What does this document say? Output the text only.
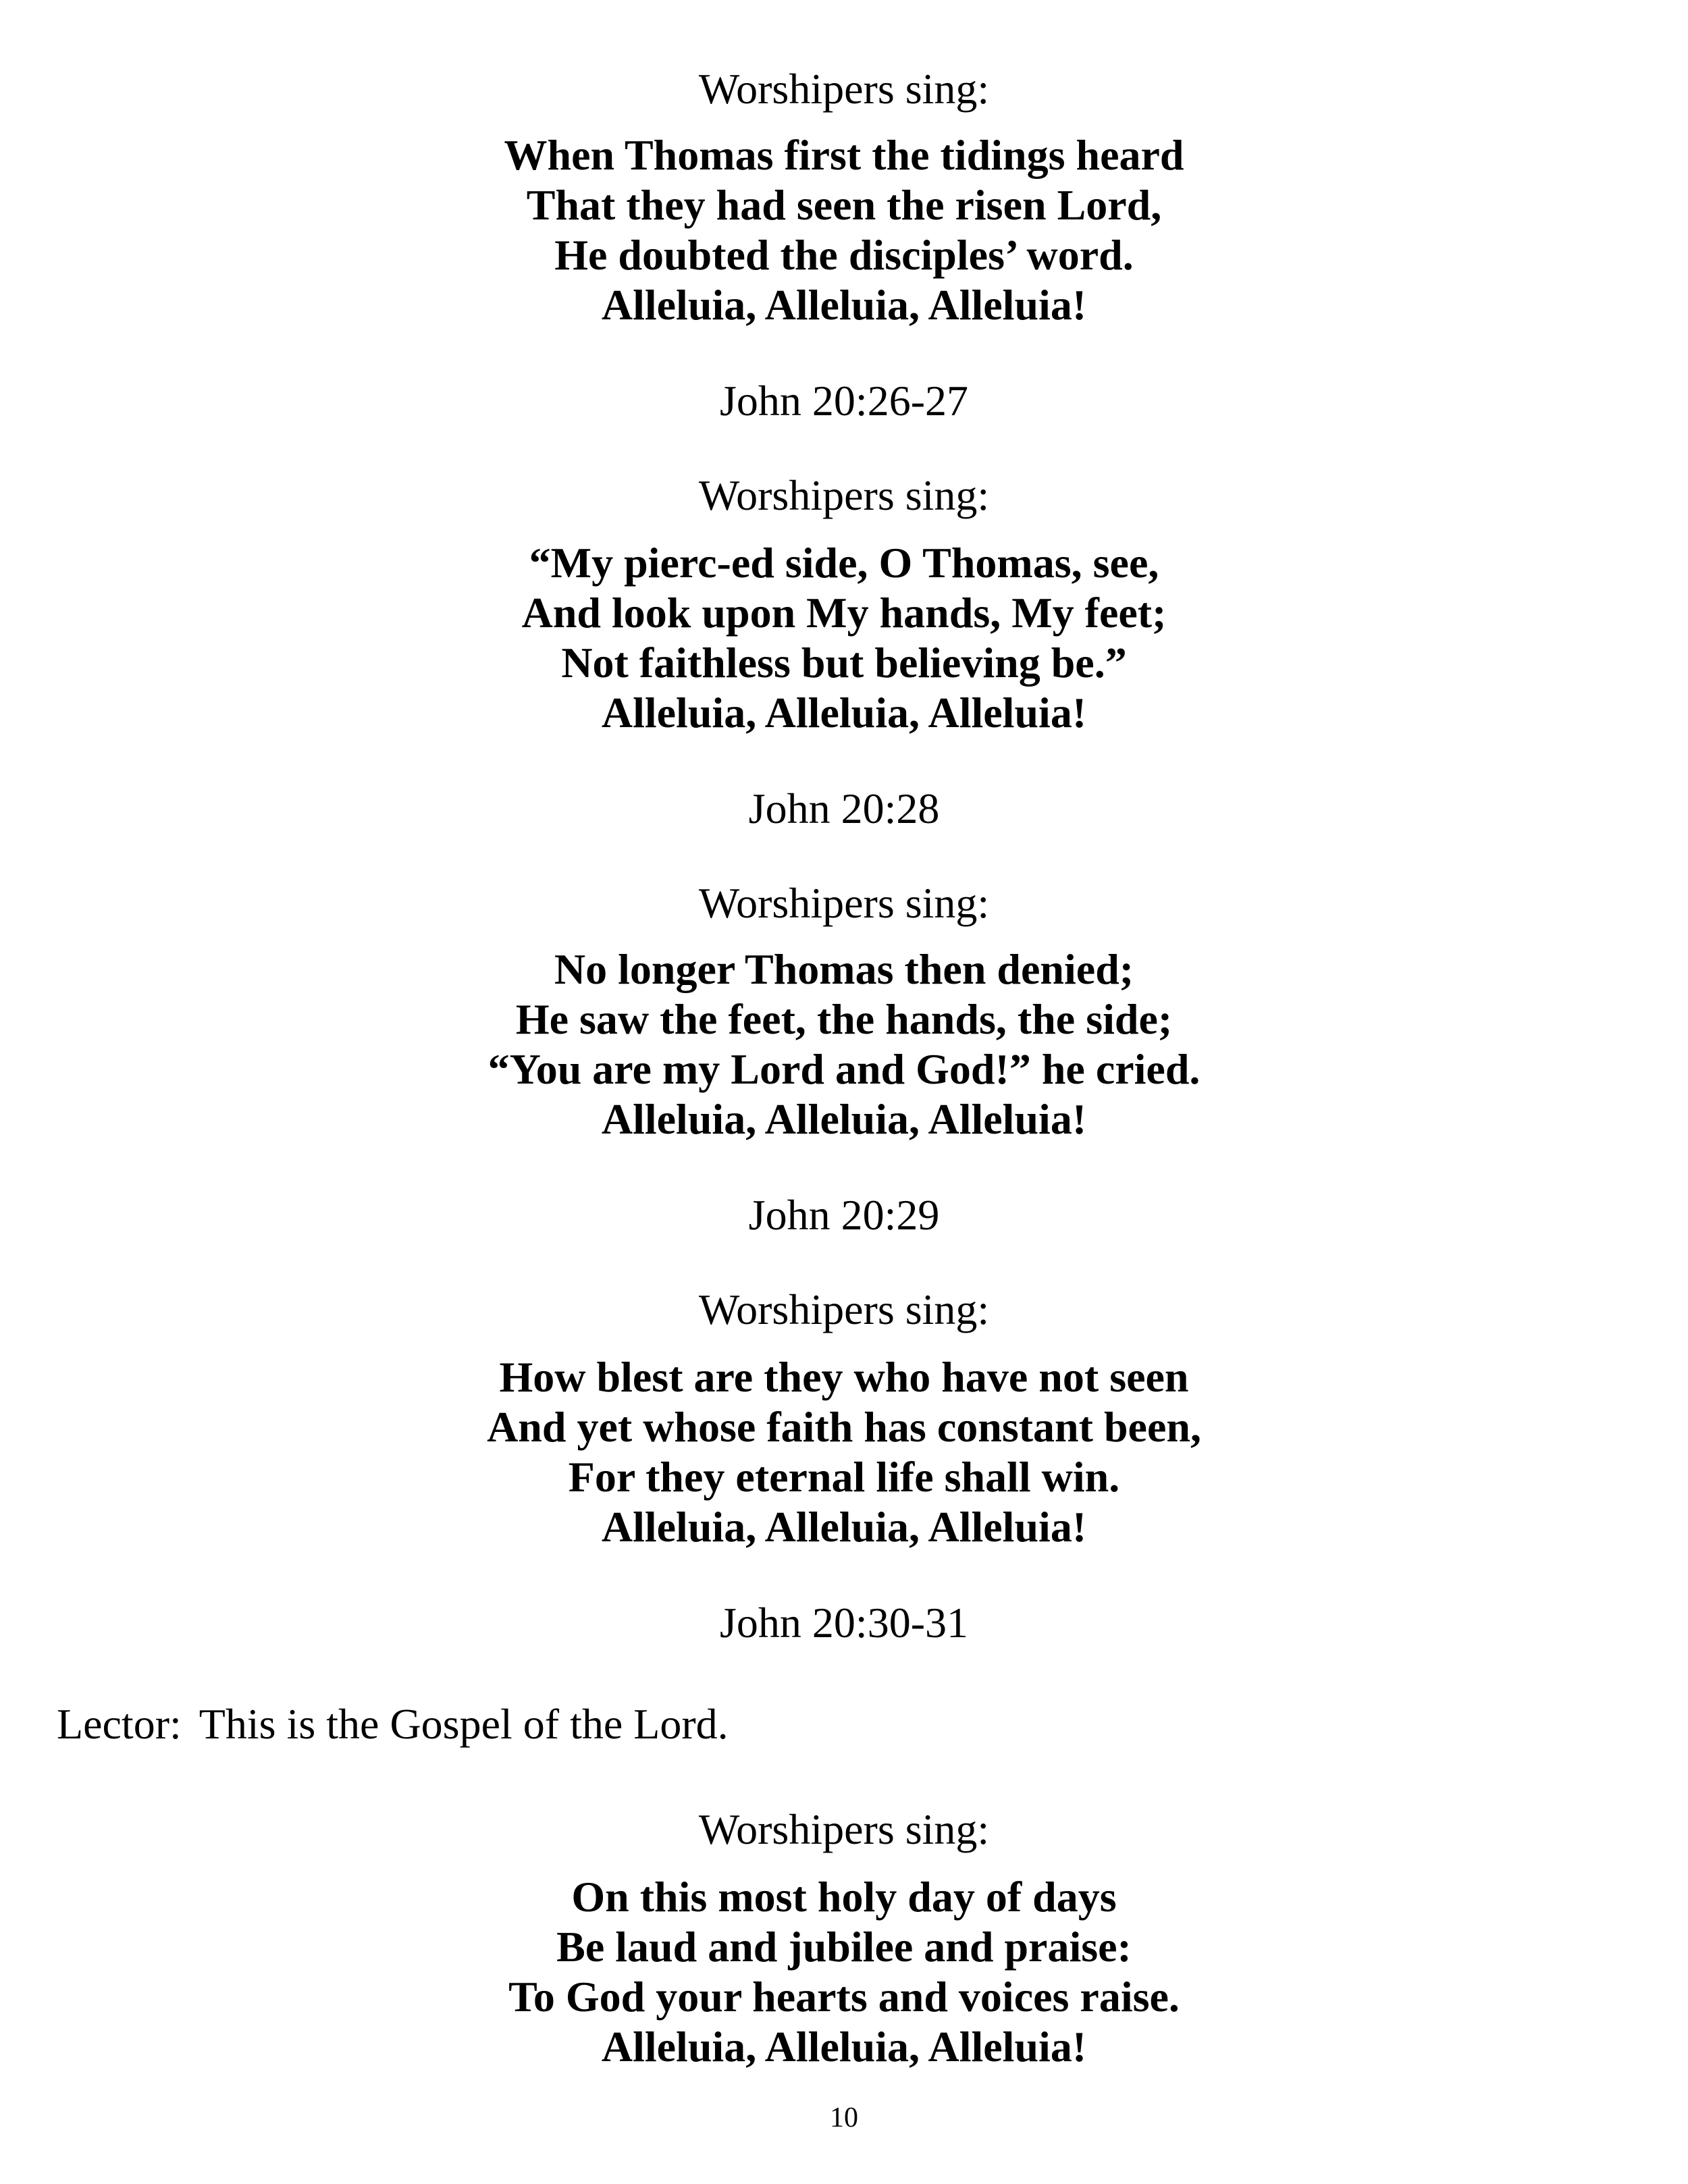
Worshipers sing:
When Thomas first the tidings heard
That they had seen the risen Lord,
He doubted the disciples’ word.
Alleluia, Alleluia, Alleluia!
John 20:26-27
Worshipers sing:
“My pierc-ed side, O Thomas, see,
And look upon My hands, My feet;
Not faithless but believing be.”
Alleluia, Alleluia, Alleluia!
John 20:28
Worshipers sing:
No longer Thomas then denied;
He saw the feet, the hands, the side;
“You are my Lord and God!” he cried.
Alleluia, Alleluia, Alleluia!
John 20:29
Worshipers sing:
How blest are they who have not seen
And yet whose faith has constant been,
For they eternal life shall win.
Alleluia, Alleluia, Alleluia!
John 20:30-31
Lector: This is the Gospel of the Lord.
Worshipers sing:
On this most holy day of days
Be laud and jubilee and praise:
To God your hearts and voices raise.
Alleluia, Alleluia, Alleluia!
10
